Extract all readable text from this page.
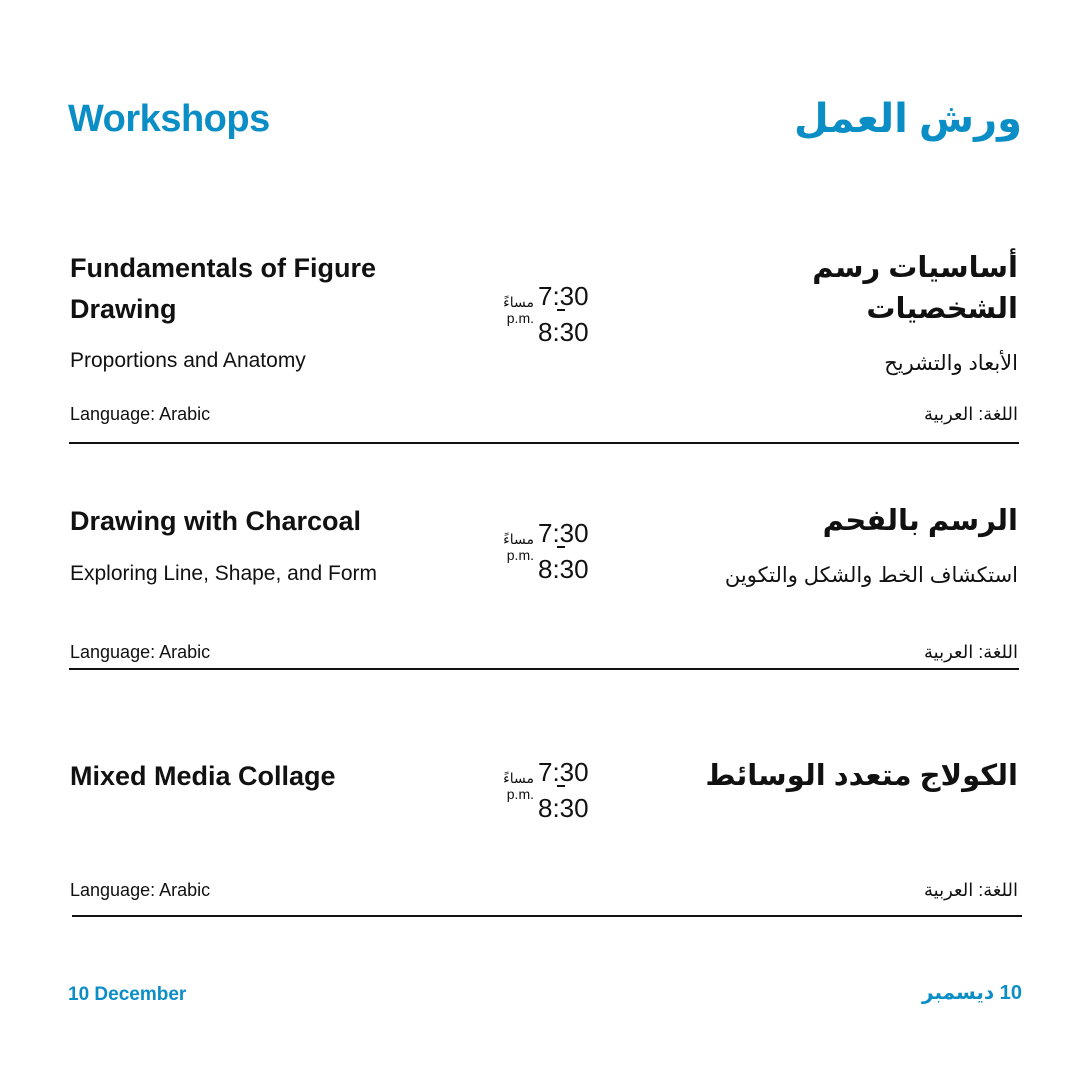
Workshops	ورش العمل
Fundamentals of Figure Drawing
أساسيات رسم الشخصيات
مساءً
p.m.
7:30
8:30
Proportions and Anatomy	الأبعاد والتشريح
Language: Arabic	اللغة: العربية
Drawing with Charcoal	الرسم بالفحم
مساءً
p.m.
7:30
8:30
Exploring Line, Shape, and Form	استكشاف الخط والشكل والتكوين
Language: Arabic	اللغة: العربية
Mixed Media Collage	الكولاج متعدد الوسائط
مساءً
p.m.
7:30
8:30
Language: Arabic	اللغة: العربية
10 December	10 ديسمبر
